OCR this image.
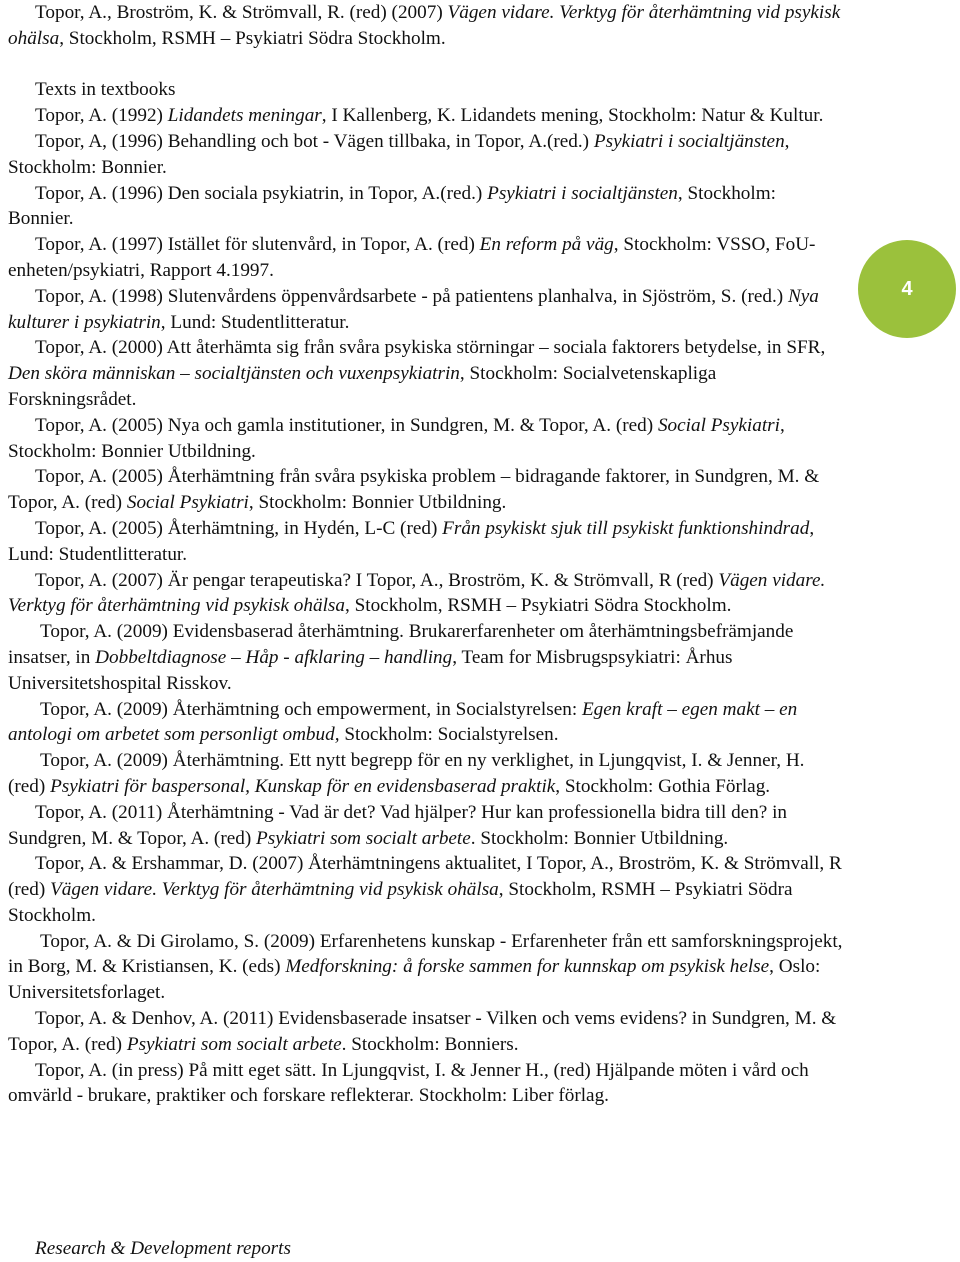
Topor, A., Broström, K. & Strömvall, R. (red) (2007) Vägen vidare. Verktyg för återhämtning vid psykisk ohälsa, Stockholm, RSMH – Psykiatri Södra Stockholm.

Texts in textbooks

Topor, A. (1992) Lidandets meningar, I Kallenberg, K. Lidandets mening, Stockholm: Natur & Kultur.

Topor, A, (1996) Behandling och bot - Vägen tillbaka, in Topor, A.(red.) Psykiatri i socialtjänsten, Stockholm: Bonnier.

Topor, A. (1996) Den sociala psykiatrin, in Topor, A.(red.) Psykiatri i socialtjänsten, Stockholm: Bonnier.

Topor, A. (1997) Istället för slutenvård, in Topor, A. (red) En reform på väg, Stockholm: VSSO, FoU-enheten/psykiatri, Rapport 4.1997.

Topor, A. (1998) Slutenvårdens öppenvårdsarbete - på patientens planhalva, in Sjöström, S. (red.) Nya kulturer i psykiatrin, Lund: Studentlitteratur.

Topor, A. (2000) Att återhämta sig från svåra psykiska störningar – sociala faktorers betydelse, in SFR, Den sköra människan – socialtjänsten och vuxenpsykiatrin, Stockholm: Socialvetenskapliga Forskningsrådet.

Topor, A. (2005) Nya och gamla institutioner, in Sundgren, M. & Topor, A. (red) Social Psykiatri, Stockholm: Bonnier Utbildning.

Topor, A. (2005) Återhämtning från svåra psykiska problem – bidragande faktorer, in Sundgren, M. & Topor, A. (red) Social Psykiatri, Stockholm: Bonnier Utbildning.

Topor, A. (2005) Återhämtning, in Hydén, L-C (red) Från psykiskt sjuk till psykiskt funktionshindrad, Lund: Studentlitteratur.

Topor, A. (2007) Är pengar terapeutiska? I Topor, A., Broström, K. & Strömvall, R (red) Vägen vidare. Verktyg för återhämtning vid psykisk ohälsa, Stockholm, RSMH – Psykiatri Södra Stockholm.

Topor, A. (2009) Evidensbaserad återhämtning. Brukarerfarenheter om återhämtningsbefrämjande insatser, in Dobbeltdiagnose – Håp - afklaring – handling, Team for Misbrugspsykiatri: Århus Universitetshospital Risskov.

Topor, A. (2009) Återhämtning och empowerment, in Socialstyrelsen: Egen kraft – egen makt – en antologi om arbetet som personligt ombud, Stockholm: Socialstyrelsen.

Topor, A. (2009) Återhämtning. Ett nytt begrepp för en ny verklighet, in Ljungqvist, I. & Jenner, H. (red) Psykiatri för baspersonal, Kunskap för en evidensbaserad praktik, Stockholm: Gothia Förlag.

Topor, A. (2011) Återhämtning - Vad är det? Vad hjälper? Hur kan professionella bidra till den? in Sundgren, M. & Topor, A. (red) Psykiatri som socialt arbete. Stockholm: Bonnier Utbildning.

Topor, A. & Ershammar, D. (2007) Återhämtningens aktualitet, I Topor, A., Broström, K. & Strömvall, R (red) Vägen vidare. Verktyg för återhämtning vid psykisk ohälsa, Stockholm, RSMH – Psykiatri Södra Stockholm.

Topor, A. & Di Girolamo, S. (2009) Erfarenhetens kunskap - Erfarenheter från ett samforskningsprojekt, in Borg, M. & Kristiansen, K. (eds) Medforskning: å forske sammen for kunnskap om psykisk helse, Oslo: Universitetsforlaget.

Topor, A. & Denhov, A. (2011) Evidensbaserade insatser - Vilken och vems evidens? in Sundgren, M. & Topor, A. (red) Psykiatri som socialt arbete. Stockholm: Bonniers.

Topor, A. (in press) På mitt eget sätt. In Ljungqvist, I. & Jenner H., (red) Hjälpande möten i vård och omvärld - brukare, praktiker och forskare reflekterar. Stockholm: Liber förlag.

Research & Development reports
4
